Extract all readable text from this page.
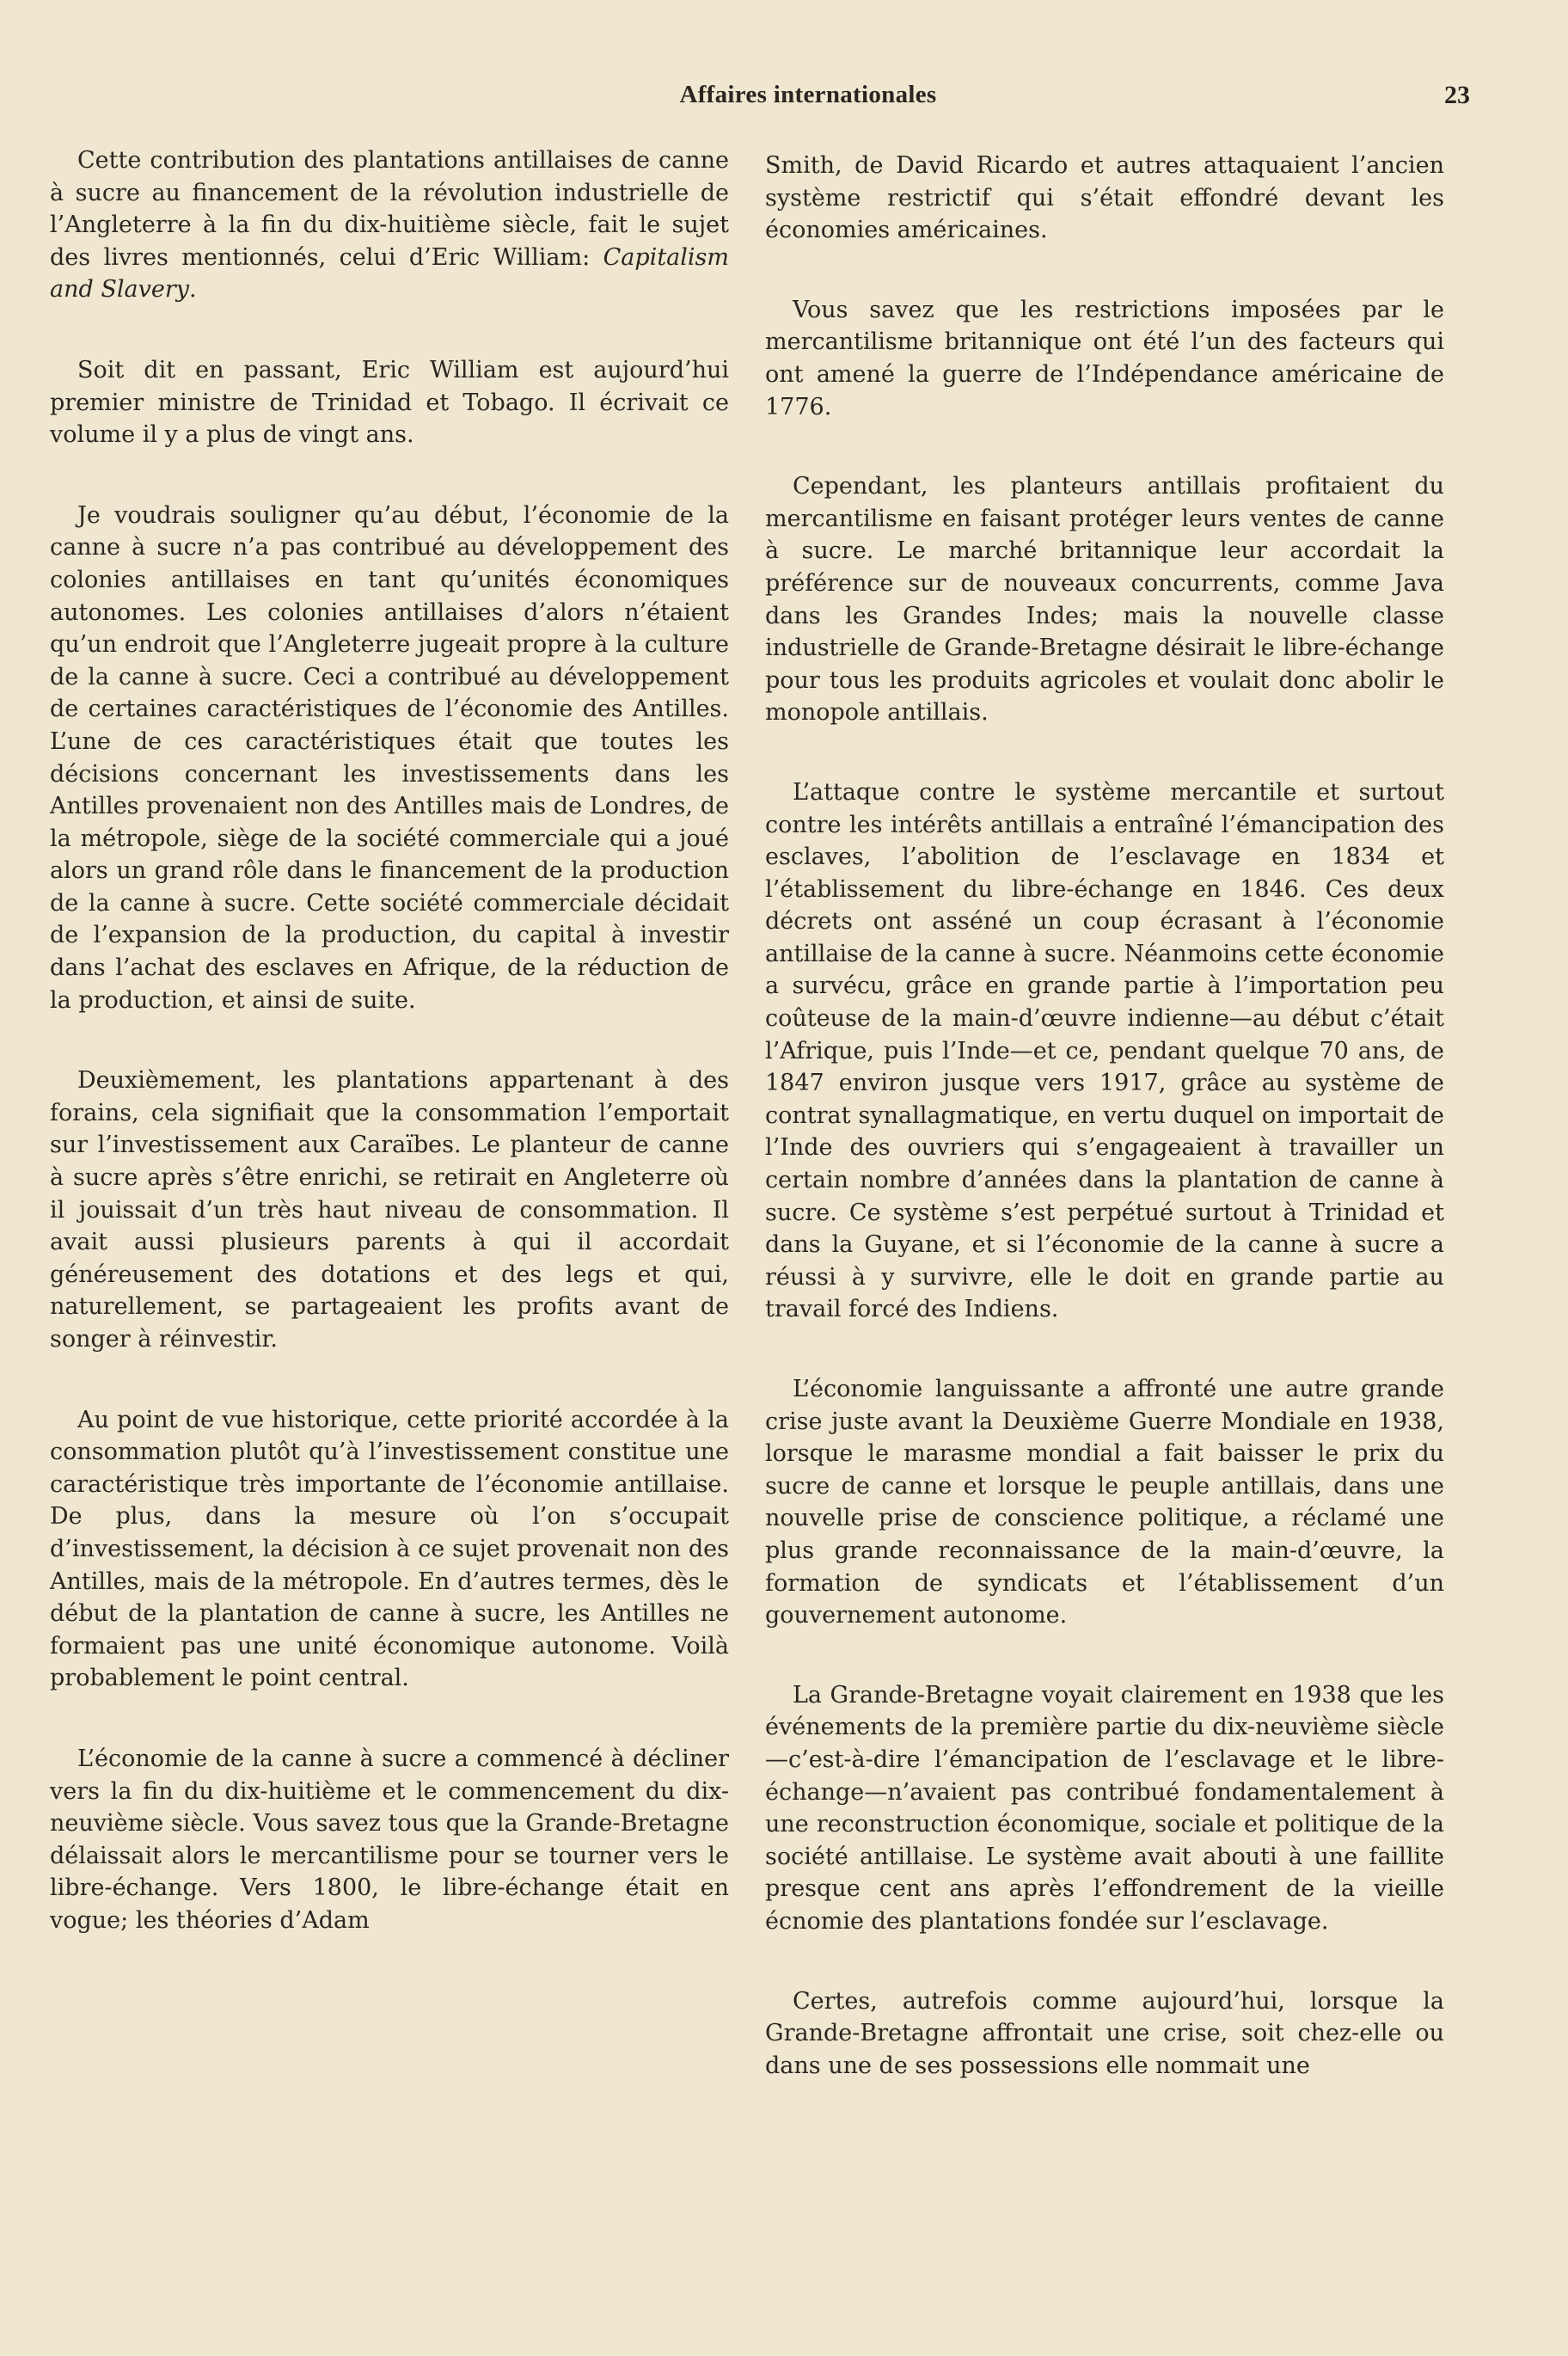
Affaires internationales	23

Cette contribution des plantations antillaises de canne à sucre au financement de la révolution industrielle de l’Angleterre à la fin du dix-huitième siècle, fait le sujet des livres mentionnés, celui d’Eric William: Capitalism and Slavery.

Soit dit en passant, Eric William est aujourd’hui premier ministre de Trinidad et Tobago. Il écrivait ce volume il y a plus de vingt ans.

Je voudrais souligner qu’au début, l’économie de la canne à sucre n’a pas contribué au développement des colonies antillaises en tant qu’unités économiques autonomes. Les colonies antillaises d’alors n’étaient qu’un endroit que l’Angleterre jugeait propre à la culture de la canne à sucre. Ceci a contribué au développement de certaines caractéristiques de l’économie des Antilles. L’une de ces caractéristiques était que toutes les décisions concernant les investissements dans les Antilles provenaient non des Antilles mais de Londres, de la métropole, siège de la société commerciale qui a joué alors un grand rôle dans le financement de la production de la canne à sucre. Cette société commerciale décidait de l’expansion de la production, du capital à investir dans l’achat des esclaves en Afrique, de la réduction de la production, et ainsi de suite.

Deuxièmement, les plantations appartenant à des forains, cela signifiait que la consommation l’emportait sur l’investissement aux Caraïbes. Le planteur de canne à sucre après s’être enrichi, se retirait en Angleterre où il jouissait d’un très haut niveau de consommation. Il avait aussi plusieurs parents à qui il accordait généreusement des dotations et des legs et qui, naturellement, se partageaient les profits avant de songer à réinvestir.

Au point de vue historique, cette priorité accordée à la consommation plutôt qu’à l’investissement constitue une caractéristique très importante de l’économie antillaise. De plus, dans la mesure où l’on s’occupait d’investissement, la décision à ce sujet provenait non des Antilles, mais de la métropole. En d’autres termes, dès le début de la plantation de canne à sucre, les Antilles ne formaient pas une unité économique autonome. Voilà probablement le point central.

L’économie de la canne à sucre a commencé à décliner vers la fin du dix-huitième et le commencement du dix-neuvième siècle. Vous savez tous que la Grande-Bretagne délaissait alors le mercantilisme pour se tourner vers le libre-échange. Vers 1800, le libre-échange était en vogue; les théories d’Adam

Smith, de David Ricardo et autres attaquaient l’ancien système restrictif qui s’était effondré devant les économies américaines.

Vous savez que les restrictions imposées par le mercantilisme britannique ont été l’un des facteurs qui ont amené la guerre de l’Indépendance américaine de 1776.

Cependant, les planteurs antillais profitaient du mercantilisme en faisant protéger leurs ventes de canne à sucre. Le marché britannique leur accordait la préférence sur de nouveaux concurrents, comme Java dans les Grandes Indes; mais la nouvelle classe industrielle de Grande-Bretagne désirait le libre-échange pour tous les produits agricoles et voulait donc abolir le monopole antillais.

L’attaque contre le système mercantile et surtout contre les intérêts antillais a entraîné l’émancipation des esclaves, l’abolition de l’esclavage en 1834 et l’établissement du libre-échange en 1846. Ces deux décrets ont asséné un coup écrasant à l’économie antillaise de la canne à sucre. Néanmoins cette économie a survécu, grâce en grande partie à l’importation peu coûteuse de la main-d’œuvre indienne—au début c’était l’Afrique, puis l’Inde—et ce, pendant quelque 70 ans, de 1847 environ jusque vers 1917, grâce au système de contrat synallagmatique, en vertu duquel on importait de l’Inde des ouvriers qui s’engageaient à travailler un certain nombre d’années dans la plantation de canne à sucre. Ce système s’est perpétué surtout à Trinidad et dans la Guyane, et si l’économie de la canne à sucre a réussi à y survivre, elle le doit en grande partie au travail forcé des Indiens.

L’économie languissante a affronté une autre grande crise juste avant la Deuxième Guerre Mondiale en 1938, lorsque le marasme mondial a fait baisser le prix du sucre de canne et lorsque le peuple antillais, dans une nouvelle prise de conscience politique, a réclamé une plus grande reconnaissance de la main-d’œuvre, la formation de syndicats et l’établissement d’un gouvernement autonome.

La Grande-Bretagne voyait clairement en 1938 que les événements de la première partie du dix-neuvième siècle—c’est-à-dire l’émancipation de l’esclavage et le libre-échange—n’avaient pas contribué fondamentalement à une reconstruction économique, sociale et politique de la société antillaise. Le système avait abouti à une faillite presque cent ans après l’effondrement de la vieille écnomie des plantations fondée sur l’esclavage.

Certes, autrefois comme aujourd’hui, lorsque la Grande-Bretagne affrontait une crise, soit chez-elle ou dans une de ses possessions elle nommait une
